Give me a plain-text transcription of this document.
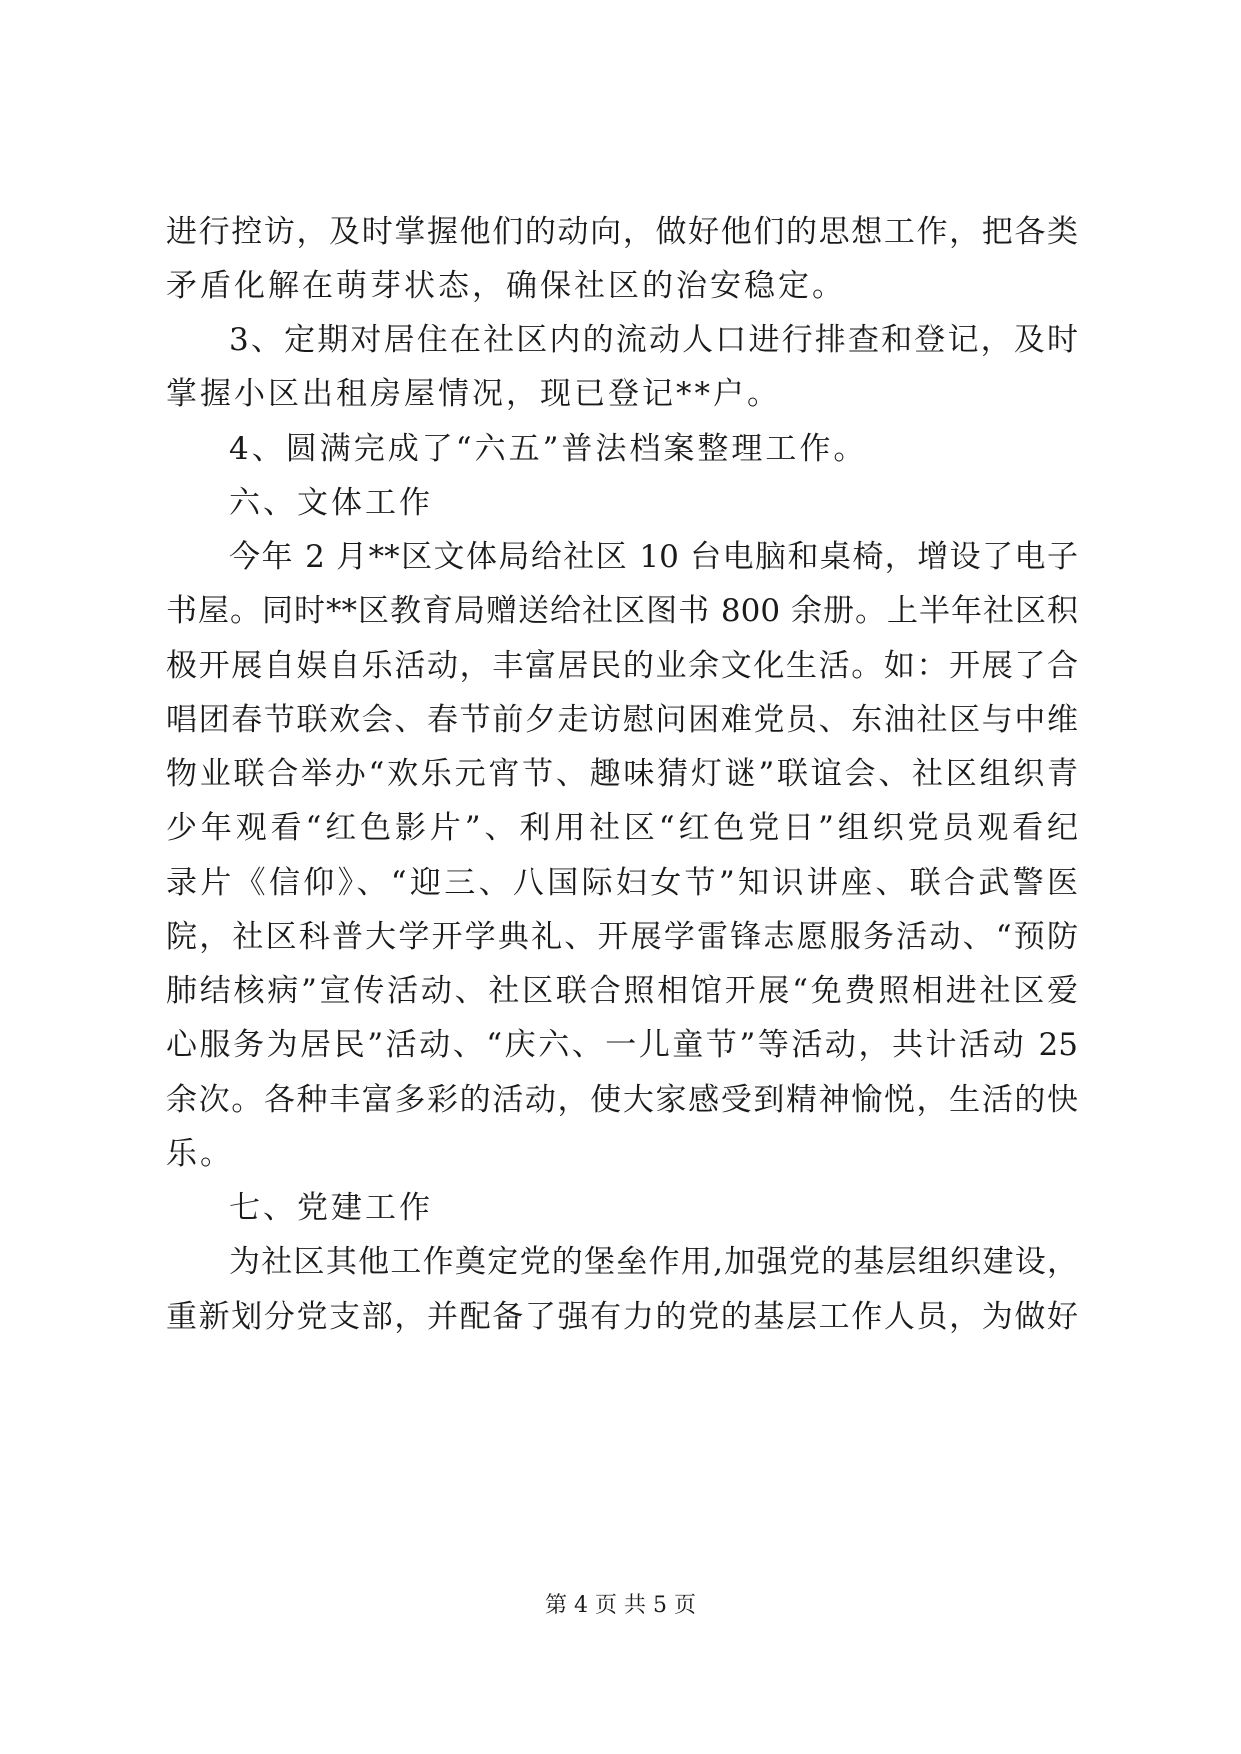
进行控访，及时掌握他们的动向，做好他们的思想工作，把各类
矛盾化解在萌芽状态，确保社区的治安稳定。
3、定期对居住在社区内的流动人口进行排查和登记，及时
掌握小区出租房屋情况，现已登记**户。
4、圆满完成了“六五”普法档案整理工作。
六、文体工作
今年 2 月**区文体局给社区 10 台电脑和桌椅，增设了电子
书屋。同时**区教育局赠送给社区图书 800 余册。上半年社区积
极开展自娱自乐活动，丰富居民的业余文化生活。如：开展了合
唱团春节联欢会、春节前夕走访慰问困难党员、东油社区与中维
物业联合举办“欢乐元宵节、趣味猜灯谜”联谊会、社区组织青
少年观看“红色影片”、利用社区“红色党日”组织党员观看纪
录片《信仰》、“迎三、八国际妇女节”知识讲座、联合武警医
院，社区科普大学开学典礼、开展学雷锋志愿服务活动、“预防
肺结核病”宣传活动、社区联合照相馆开展“免费照相进社区爱
心服务为居民”活动、“庆六、一儿童节”等活动，共计活动 25
余次。各种丰富多彩的活动，使大家感受到精神愉悦，生活的快
乐。
七、党建工作
为社区其他工作奠定党的堡垒作用,加强党的基层组织建设，
重新划分党支部，并配备了强有力的党的基层工作人员，为做好
第 4 页 共 5 页
